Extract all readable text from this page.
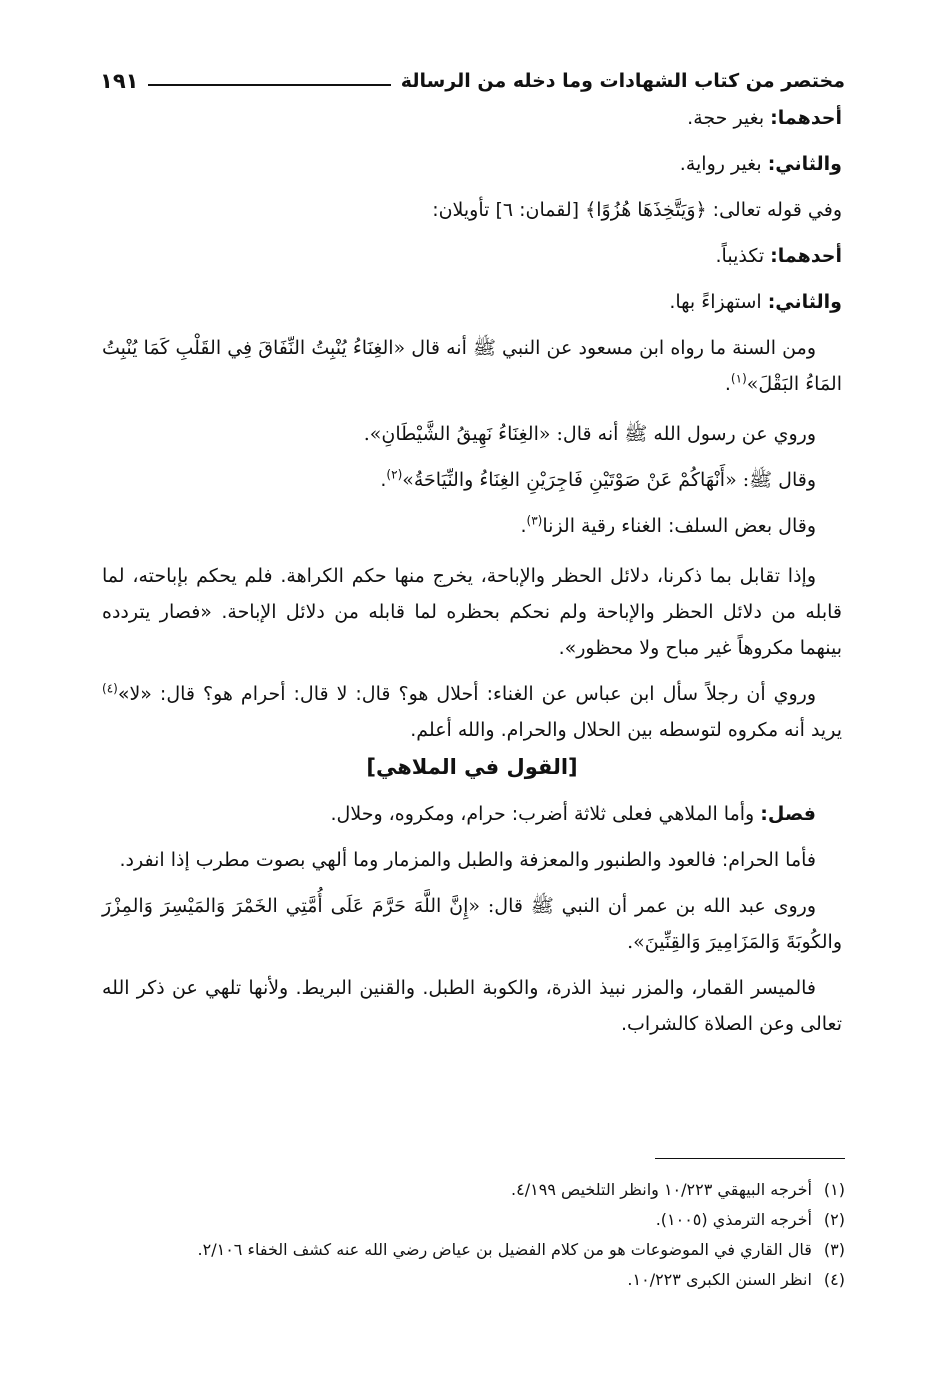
مختصر من كتاب الشهادات وما دخله من الرسالة
١٩١

أحدهما: بغير حجة.

والثاني: بغير رواية.

وفي قوله تعالى: ﴿وَيَتَّخِذَهَا هُزُوًا﴾ [لقمان: ٦] تأويلان:

أحدهما: تكذيباً.

والثاني: استهزاءً بها.

ومن السنة ما رواه ابن مسعود عن النبي ﷺ أنه قال «الغِنَاءُ يُنْبِتُ النِّفَاقَ فِي القَلْبِ كَمَا يُنْبِتُ المَاءُ البَقْلَ»$^{(١)}$.

وروي عن رسول الله ﷺ أنه قال: «الغِنَاءُ نَهِيقُ الشَّيْطَانِ».

وقال ﷺ: «أَنْهَاكُمْ عَنْ صَوْتَيْنِ فَاجِرَيْنِ الغِنَاءُ والنِّيَاحَةُ»$^{(٢)}$.

وقال بعض السلف: الغناء رقية الزنا$^{(٣)}$.

وإذا تقابل بما ذكرنا، دلائل الحظر والإباحة، يخرج منها حكم الكراهة. فلم يحكم بإباحته، لما قابله من دلائل الحظر والإباحة ولم نحكم بحظره لما قابله من دلائل الإباحة. «فصار يتردده بينهما مكروهاً غير مباح ولا محظور».

وروي أن رجلاً سأل ابن عباس عن الغناء: أحلال هو؟ قال: لا قال: أحرام هو؟ قال: «لا»$^{(٤)}$ يريد أنه مكروه لتوسطه بين الحلال والحرام. والله أعلم.

[القول في الملاهي]

فصل: وأما الملاهي فعلى ثلاثة أضرب: حرام، ومكروه، وحلال.

فأما الحرام: فالعود والطنبور والمعزفة والطبل والمزمار وما ألهي بصوت مطرب إذا انفرد.

وروى عبد الله بن عمر أن النبي ﷺ قال: «إِنَّ اللَّهَ حَرَّمَ عَلَى أُمَّتِي الخَمْرَ وَالمَيْسِرَ وَالمِزْرَ والكُوبَةَ وَالمَزَامِيرَ وَالقِنِّينَ».

فالميسر القمار، والمزر نبيذ الذرة، والكوبة الطبل. والقنين البريط. ولأنها تلهي عن ذكر الله تعالى وعن الصلاة كالشراب.

(١)أخرجه البيهقي ١٠/٢٢٣ وانظر التلخيص ٤/١٩٩.
(٢)أخرجه الترمذي (١٠٠٥).
(٣)قال القاري في الموضوعات هو من كلام الفضيل بن عياض رضي الله عنه كشف الخفاء ٢/١٠٦.
(٤)انظر السنن الكبرى ١٠/٢٢٣.
